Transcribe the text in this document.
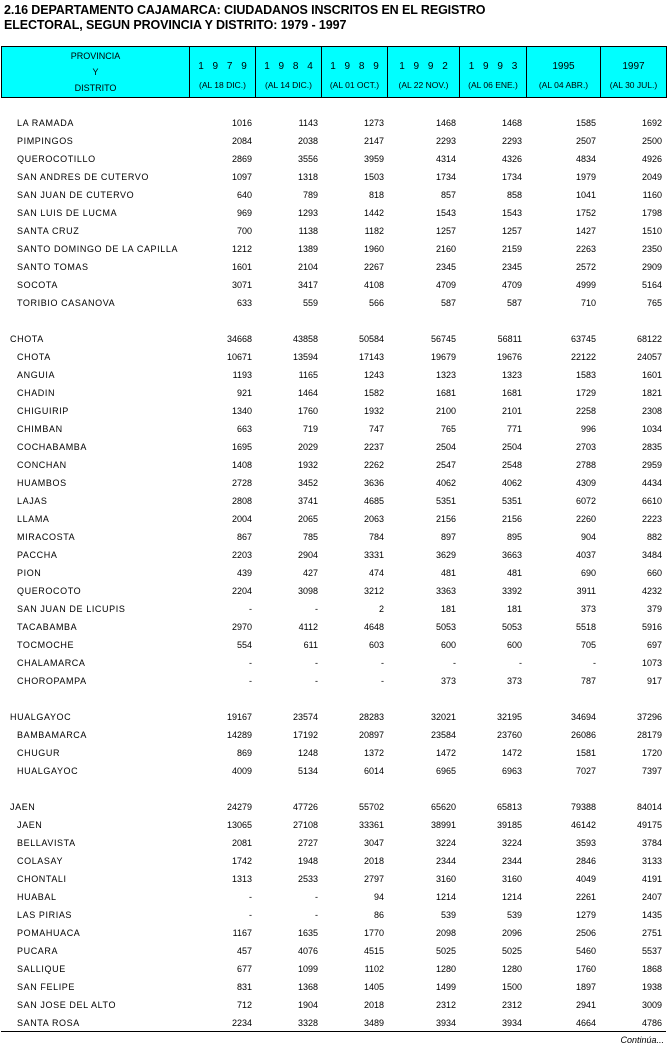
2.16 DEPARTAMENTO CAJAMARCA: CIUDADANOS INSCRITOS EN EL REGISTRO
ELECTORAL, SEGUN PROVINCIA Y DISTRITO: 1979 - 1997
PROVINCIA
Y
DISTRITO

1 9 7 9
(AL 18 DIC.)

1 9 8 4
(AL 14 DIC.)

1 9 8 9
(AL 01 OCT.)

1 9 9 2
(AL 22 NOV.)

1 9 9 3
(AL 06 ENE.)

1995
(AL 04 ABR.)

1997
(AL 30 JUL.)
LA RAMADA	1016	1143	1273	1468	1468	1585	1692
PIMPINGOS	2084	2038	2147	2293	2293	2507	2500
QUEROCOTILLO	2869	3556	3959	4314	4326	4834	4926
SAN ANDRES DE CUTERVO	1097	1318	1503	1734	1734	1979	2049
SAN JUAN DE CUTERVO	640	789	818	857	858	1041	1160
SAN LUIS DE LUCMA	969	1293	1442	1543	1543	1752	1798
SANTA CRUZ	700	1138	1182	1257	1257	1427	1510
SANTO DOMINGO DE LA CAPILLA	1212	1389	1960	2160	2159	2263	2350
SANTO TOMAS	1601	2104	2267	2345	2345	2572	2909
SOCOTA	3071	3417	4108	4709	4709	4999	5164
TORIBIO CASANOVA	633	559	566	587	587	710	765
CHOTA	34668	43858	50584	56745	56811	63745	68122
CHOTA	10671	13594	17143	19679	19676	22122	24057
ANGUIA	1193	1165	1243	1323	1323	1583	1601
CHADIN	921	1464	1582	1681	1681	1729	1821
CHIGUIRIP	1340	1760	1932	2100	2101	2258	2308
CHIMBAN	663	719	747	765	771	996	1034
COCHABAMBA	1695	2029	2237	2504	2504	2703	2835
CONCHAN	1408	1932	2262	2547	2548	2788	2959
HUAMBOS	2728	3452	3636	4062	4062	4309	4434
LAJAS	2808	3741	4685	5351	5351	6072	6610
LLAMA	2004	2065	2063	2156	2156	2260	2223
MIRACOSTA	867	785	784	897	895	904	882
PACCHA	2203	2904	3331	3629	3663	4037	3484
PION	439	427	474	481	481	690	660
QUEROCOTO	2204	3098	3212	3363	3392	3911	4232
SAN JUAN DE LICUPIS	-	-	2	181	181	373	379
TACABAMBA	2970	4112	4648	5053	5053	5518	5916
TOCMOCHE	554	611	603	600	600	705	697
CHALAMARCA	-	-	-	-	-	-	1073
CHOROPAMPA	-	-	-	373	373	787	917
HUALGAYOC	19167	23574	28283	32021	32195	34694	37296
BAMBAMARCA	14289	17192	20897	23584	23760	26086	28179
CHUGUR	869	1248	1372	1472	1472	1581	1720
HUALGAYOC	4009	5134	6014	6965	6963	7027	7397
JAEN	24279	47726	55702	65620	65813	79388	84014
JAEN	13065	27108	33361	38991	39185	46142	49175
BELLAVISTA	2081	2727	3047	3224	3224	3593	3784
COLASAY	1742	1948	2018	2344	2344	2846	3133
CHONTALI	1313	2533	2797	3160	3160	4049	4191
HUABAL	-	-	94	1214	1214	2261	2407
LAS PIRIAS	-	-	86	539	539	1279	1435
POMAHUACA	1167	1635	1770	2098	2096	2506	2751
PUCARA	457	4076	4515	5025	5025	5460	5537
SALLIQUE	677	1099	1102	1280	1280	1760	1868
SAN FELIPE	831	1368	1405	1499	1500	1897	1938
SAN JOSE DEL ALTO	712	1904	2018	2312	2312	2941	3009
SANTA ROSA	2234	3328	3489	3934	3934	4664	4786
Continúa...
